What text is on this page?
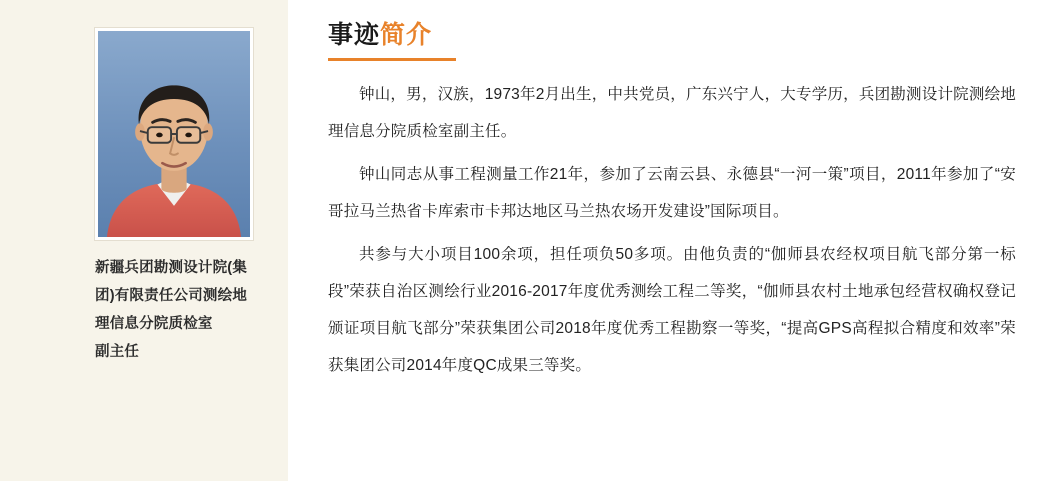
新疆兵团勘测设计院(集
团)有限责任公司测绘地
理信息分院质检室
副主任
事迹简介

钟山，男，汉族，1973年2月出生，中共党员，广东兴宁人，大专学历，兵团勘测设计院测绘地理信息分院质检室副主任。

钟山同志从事工程测量工作21年，参加了云南云县、永德县“一河一策”项目，2011年参加了“安哥拉马兰热省卡库索市卡邦达地区马兰热农场开发建设”国际项目。

共参与大小项目100余项，担任项负50多项。由他负责的“伽师县农经权项目航飞部分第一标段”荣获自治区测绘行业2016-2017年度优秀测绘工程二等奖，“伽师县农村土地承包经营权确权登记颁证项目航飞部分”荣获集团公司2018年度优秀工程勘察一等奖，“提高GPS高程拟合精度和效率”荣获集团公司2014年度QC成果三等奖。
